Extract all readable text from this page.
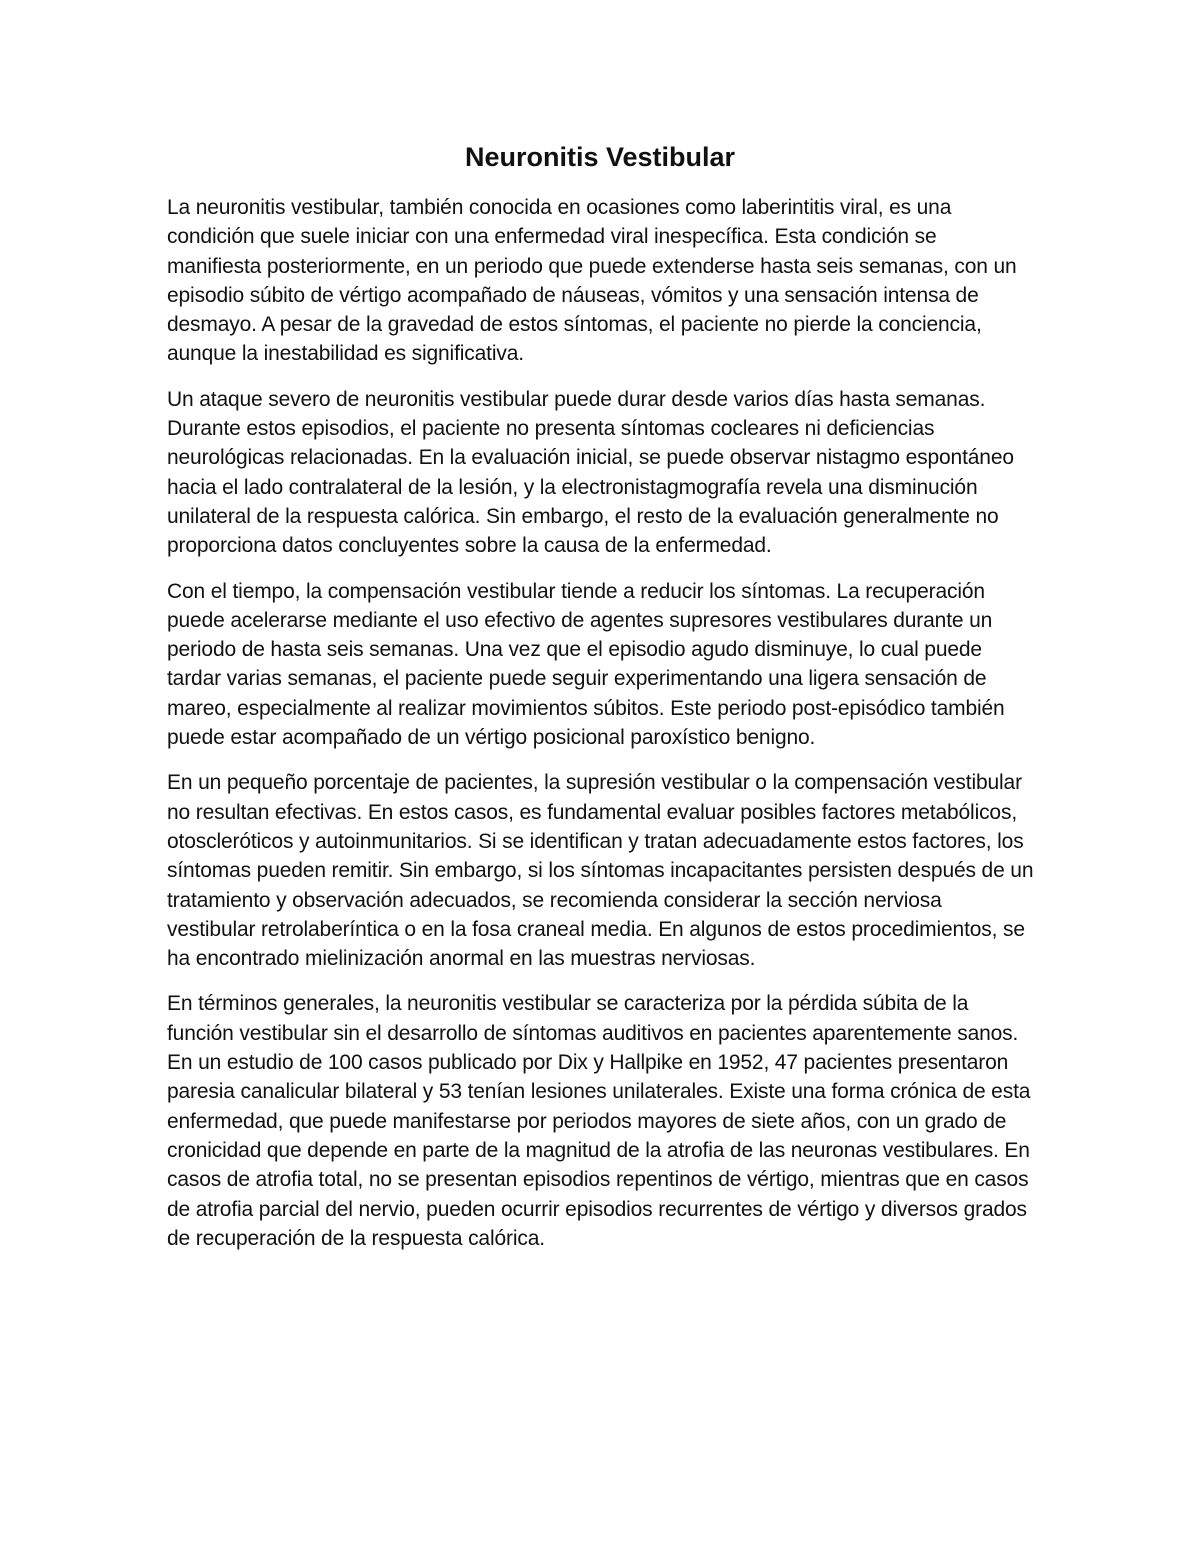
Neuronitis Vestibular

La neuronitis vestibular, también conocida en ocasiones como laberintitis viral, es una condición que suele iniciar con una enfermedad viral inespecífica. Esta condición se manifiesta posteriormente, en un periodo que puede extenderse hasta seis semanas, con un episodio súbito de vértigo acompañado de náuseas, vómitos y una sensación intensa de desmayo. A pesar de la gravedad de estos síntomas, el paciente no pierde la conciencia, aunque la inestabilidad es significativa.

Un ataque severo de neuronitis vestibular puede durar desde varios días hasta semanas. Durante estos episodios, el paciente no presenta síntomas cocleares ni deficiencias neurológicas relacionadas. En la evaluación inicial, se puede observar nistagmo espontáneo hacia el lado contralateral de la lesión, y la electronistagmografía revela una disminución unilateral de la respuesta calórica. Sin embargo, el resto de la evaluación generalmente no proporciona datos concluyentes sobre la causa de la enfermedad.

Con el tiempo, la compensación vestibular tiende a reducir los síntomas. La recuperación puede acelerarse mediante el uso efectivo de agentes supresores vestibulares durante un periodo de hasta seis semanas. Una vez que el episodio agudo disminuye, lo cual puede tardar varias semanas, el paciente puede seguir experimentando una ligera sensación de mareo, especialmente al realizar movimientos súbitos. Este periodo post-episódico también puede estar acompañado de un vértigo posicional paroxístico benigno.

En un pequeño porcentaje de pacientes, la supresión vestibular o la compensación vestibular no resultan efectivas. En estos casos, es fundamental evaluar posibles factores metabólicos, otoscleróticos y autoinmunitarios. Si se identifican y tratan adecuadamente estos factores, los síntomas pueden remitir. Sin embargo, si los síntomas incapacitantes persisten después de un tratamiento y observación adecuados, se recomienda considerar la sección nerviosa vestibular retrolaberíntica o en la fosa craneal media. En algunos de estos procedimientos, se ha encontrado mielinización anormal en las muestras nerviosas.

En términos generales, la neuronitis vestibular se caracteriza por la pérdida súbita de la función vestibular sin el desarrollo de síntomas auditivos en pacientes aparentemente sanos. En un estudio de 100 casos publicado por Dix y Hallpike en 1952, 47 pacientes presentaron paresia canalicular bilateral y 53 tenían lesiones unilaterales. Existe una forma crónica de esta enfermedad, que puede manifestarse por periodos mayores de siete años, con un grado de cronicidad que depende en parte de la magnitud de la atrofia de las neuronas vestibulares. En casos de atrofia total, no se presentan episodios repentinos de vértigo, mientras que en casos de atrofia parcial del nervio, pueden ocurrir episodios recurrentes de vértigo y diversos grados de recuperación de la respuesta calórica.
